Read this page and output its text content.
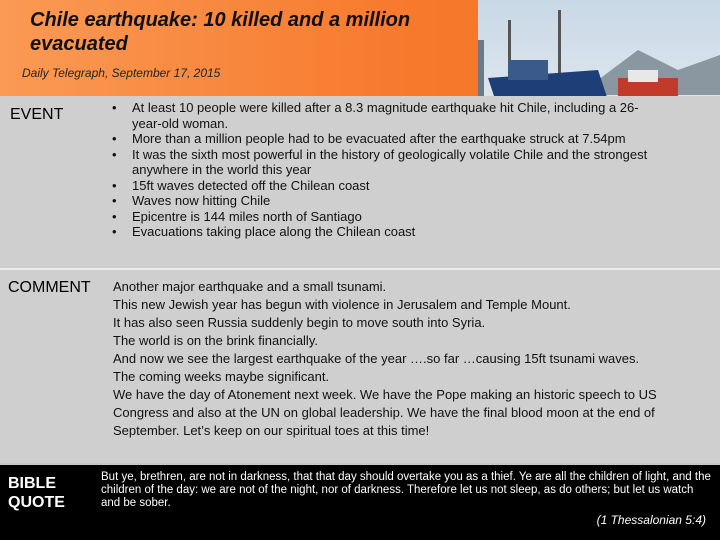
Chile earthquake: 10 killed and a million evacuated
Daily Telegraph, September 17, 2015
EVENT
•	At least 10 people were killed after a 8.3 magnitude earthquake hit Chile, including a 26-year-old woman.
• More than a million people had to be evacuated after the earthquake struck at 7.54pm
• It was the sixth most powerful in the history of geologically volatile Chile and the strongest anywhere in the world this year
• 15ft waves detected off the Chilean coast
• Waves now hitting Chile
• Epicentre is 144 miles north of Santiago
• Evacuations taking place along the Chilean coast
COMMENT Another major earthquake and a small tsunami.

This new Jewish year has begun with violence in Jerusalem and Temple Mount.

It has also seen Russia suddenly begin to move south into Syria.

The world is on the brink financially.

And now we see the largest earthquake of the year ….so far …causing 15ft tsunami waves.

The coming weeks maybe significant.

We have the day of Atonement next week. We have the Pope making an historic speech to US Congress and also at the UN on global leadership. We have the final blood moon at the end of September. Let’s keep on our spiritual toes at this time!

BIBLE QUOTE
But ye, brethren, are not in darkness, that that day should overtake you as a thief. Ye are all the children of light, and the children of the day: we are not of the night, nor of darkness. Therefore let us not sleep, as do others; but let us watch and be sober.
(1 Thessalonian 5:4)
